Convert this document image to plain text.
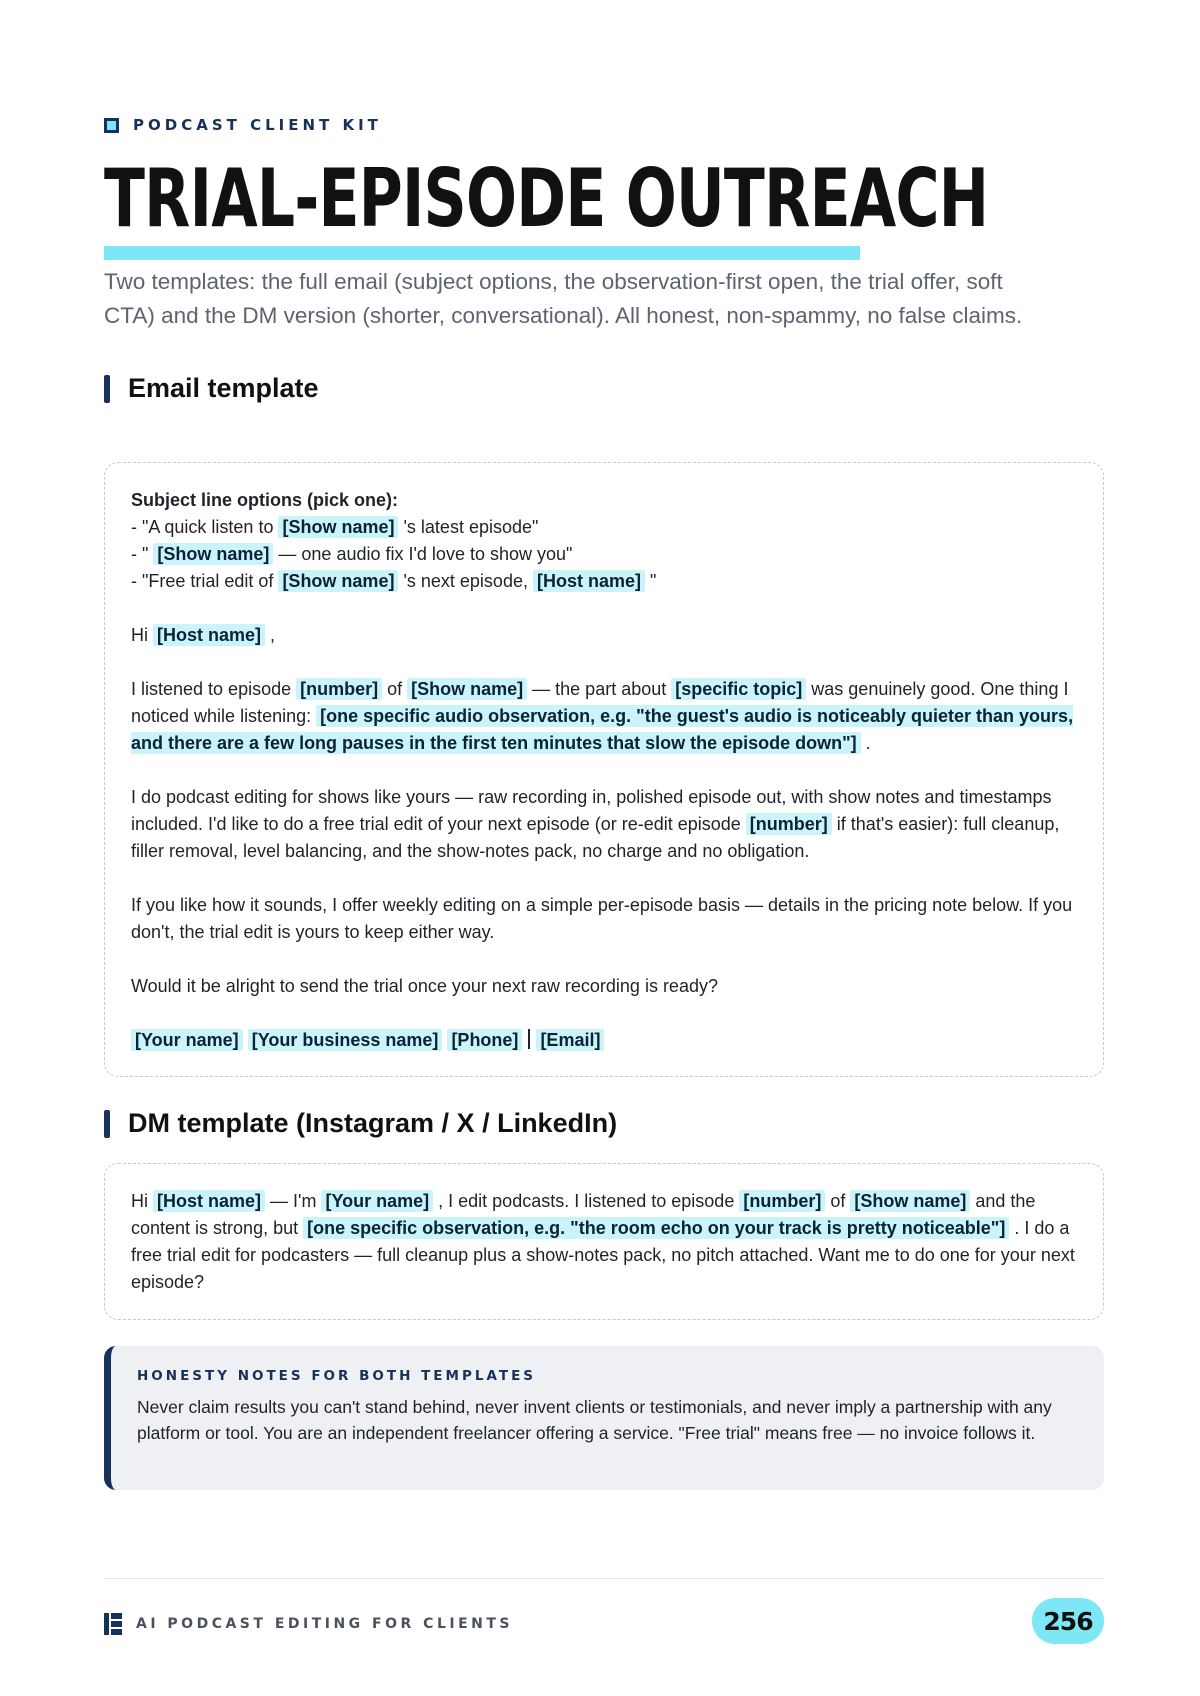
PODCAST CLIENT KIT
TRIAL-EPISODE OUTREACH

Two templates: the full email (subject options, the observation-first open, the trial offer, soft CTA) and the DM version (shorter, conversational). All honest, non-spammy, no false claims.

Email template

Subject line options (pick one):
- "A quick listen to [Show name] 's latest episode"
- " [Show name] — one audio fix I'd love to show you"
- "Free trial edit of [Show name] 's next episode, [Host name] "

Hi [Host name] ,

I listened to episode [number] of [Show name] — the part about [specific topic] was genuinely good. One thing I noticed while listening: [one specific audio observation, e.g. "the guest's audio is noticeably quieter than yours, and there are a few long pauses in the first ten minutes that slow the episode down"] .

I do podcast editing for shows like yours — raw recording in, polished episode out, with show notes and timestamps included. I'd like to do a free trial edit of your next episode (or re-edit episode [number] if that's easier): full cleanup, filler removal, level balancing, and the show-notes pack, no charge and no obligation.

If you like how it sounds, I offer weekly editing on a simple per-episode basis — details in the pricing note below. If you don't, the trial edit is yours to keep either way.

Would it be alright to send the trial once your next raw recording is ready?

[Your name] [Your business name] [Phone] [Email]

DM template (Instagram / X / LinkedIn)

Hi [Host name] — I'm [Your name] , I edit podcasts. I listened to episode [number] of [Show name] and the content is strong, but [one specific observation, e.g. "the room echo on your track is pretty noticeable"] . I do a free trial edit for podcasters — full cleanup plus a show-notes pack, no pitch attached. Want me to do one for your next episode?

HONESTY NOTES FOR BOTH TEMPLATES
Never claim results you can't stand behind, never invent clients or testimonials, and never imply a partnership with any platform or tool. You are an independent freelancer offering a service. "Free trial" means free — no invoice follows it.
AI PODCAST EDITING FOR CLIENTS	256
